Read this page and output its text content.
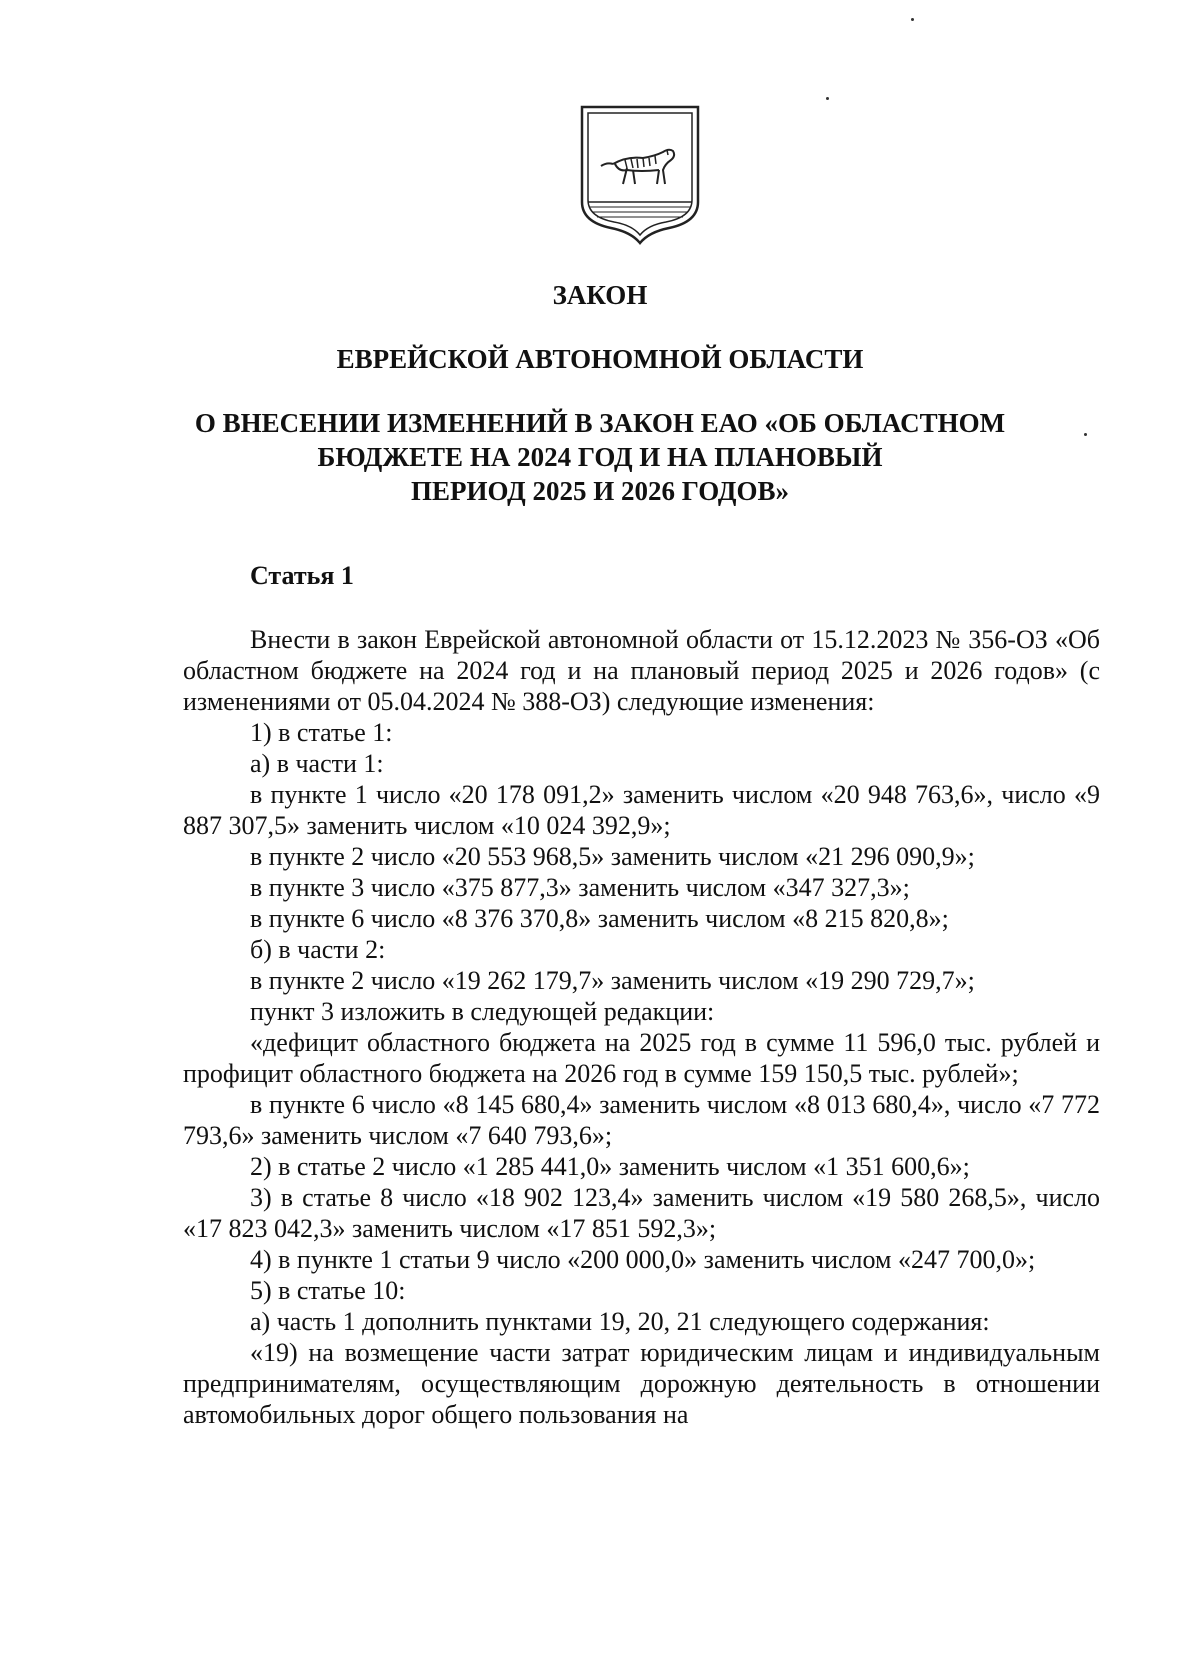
ЗАКОН
ЕВРЕЙСКОЙ АВТОНОМНОЙ ОБЛАСТИ
О ВНЕСЕНИИ ИЗМЕНЕНИЙ В ЗАКОН ЕАО «ОБ ОБЛАСТНОМ
БЮДЖЕТЕ НА 2024 ГОД И НА ПЛАНОВЫЙ
ПЕРИОД 2025 И 2026 ГОДОВ»
Статья 1

Внести в закон Еврейской автономной области от 15.12.2023 № 356-ОЗ «Об областном бюджете на 2024 год и на плановый период 2025 и 2026 годов» (с изменениями от 05.04.2024 № 388-ОЗ) следующие изменения:

1) в статье 1:

а) в части 1:

в пункте 1 число «20 178 091,2» заменить числом «20 948 763,6», число «9 887 307,5» заменить числом «10 024 392,9»;

в пункте 2 число «20 553 968,5» заменить числом «21 296 090,9»;

в пункте 3 число «375 877,3» заменить числом «347 327,3»;

в пункте 6 число «8 376 370,8» заменить числом «8 215 820,8»;

б) в части 2:

в пункте 2 число «19 262 179,7» заменить числом «19 290 729,7»;

пункт 3 изложить в следующей редакции:

«дефицит областного бюджета на 2025 год в сумме 11 596,0 тыс. рублей и профицит областного бюджета на 2026 год в сумме 159 150,5 тыс. рублей»;

в пункте 6 число «8 145 680,4» заменить числом «8 013 680,4», число «7 772 793,6» заменить числом «7 640 793,6»;

2) в статье 2 число «1 285 441,0» заменить числом «1 351 600,6»;

3) в статье 8 число «18 902 123,4» заменить числом «19 580 268,5», число «17 823 042,3» заменить числом «17 851 592,3»;

4) в пункте 1 статьи 9 число «200 000,0» заменить числом «247 700,0»;

5) в статье 10:

а) часть 1 дополнить пунктами 19, 20, 21 следующего содержания:

«19) на возмещение части затрат юридическим лицам и индивидуальным предпринимателям, осуществляющим дорожную деятельность в отношении автомобильных дорог общего пользования на
